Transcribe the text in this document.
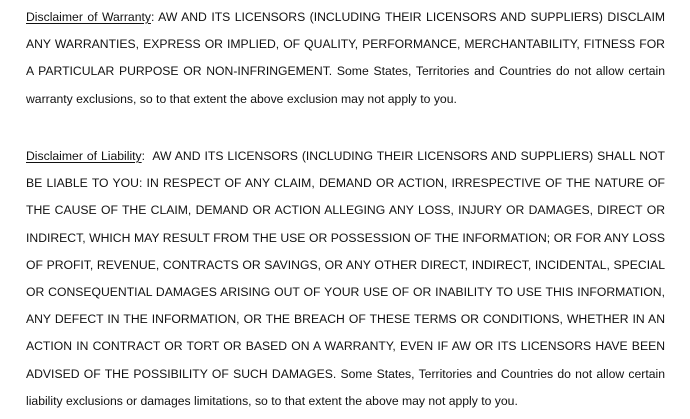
Disclaimer of Warranty: AW AND ITS LICENSORS (INCLUDING THEIR LICENSORS AND SUPPLIERS) DISCLAIM ANY WARRANTIES, EXPRESS OR IMPLIED, OF QUALITY, PERFORMANCE, MERCHANTABILITY, FITNESS FOR A PARTICULAR PURPOSE OR NON-INFRINGEMENT. Some States, Territories and Countries do not allow certain warranty exclusions, so to that extent the above exclusion may not apply to you.

Disclaimer of Liability:  AW AND ITS LICENSORS (INCLUDING THEIR LICENSORS AND SUPPLIERS) SHALL NOT BE LIABLE TO YOU: IN RESPECT OF ANY CLAIM, DEMAND OR ACTION, IRRESPECTIVE OF THE NATURE OF THE CAUSE OF THE CLAIM, DEMAND OR ACTION ALLEGING ANY LOSS, INJURY OR DAMAGES, DIRECT OR INDIRECT, WHICH MAY RESULT FROM THE USE OR POSSESSION OF THE INFORMATION; OR FOR ANY LOSS OF PROFIT, REVENUE, CONTRACTS OR SAVINGS, OR ANY OTHER DIRECT, INDIRECT, INCIDENTAL, SPECIAL OR CONSEQUENTIAL DAMAGES ARISING OUT OF YOUR USE OF OR INABILITY TO USE THIS INFORMATION, ANY DEFECT IN THE INFORMATION, OR THE BREACH OF THESE TERMS OR CONDITIONS, WHETHER IN AN ACTION IN CONTRACT OR TORT OR BASED ON A WARRANTY, EVEN IF AW OR ITS LICENSORS HAVE BEEN ADVISED OF THE POSSIBILITY OF SUCH DAMAGES. Some States, Territories and Countries do not allow certain liability exclusions or damages limitations, so to that extent the above may not apply to you.
